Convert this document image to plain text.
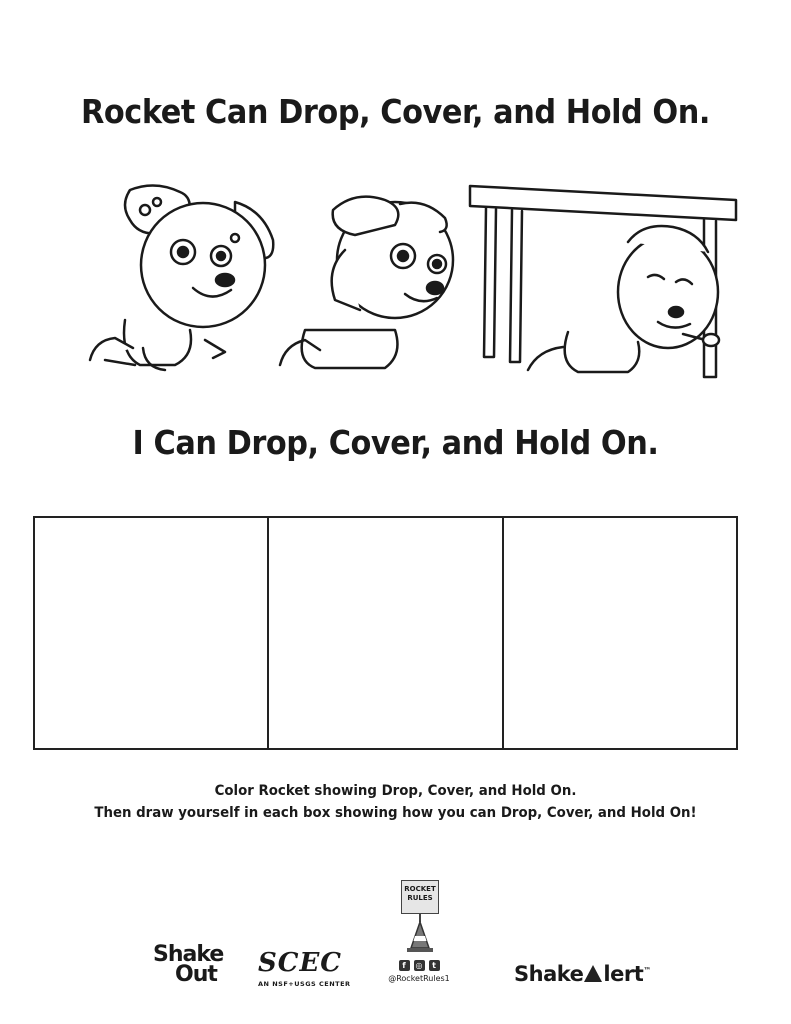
Rocket Can Drop, Cover, and Hold On.
I Can Drop, Cover, and Hold On.
Color Rocket showing Drop, Cover, and Hold On.
Then draw yourself in each box showing how you can Drop, Cover, and Hold On!
Shake
Out SCEC
AN NSF+USGS CENTER
ROCKET
RULES
f	◎	t
@RocketRules1	Shake lert™
